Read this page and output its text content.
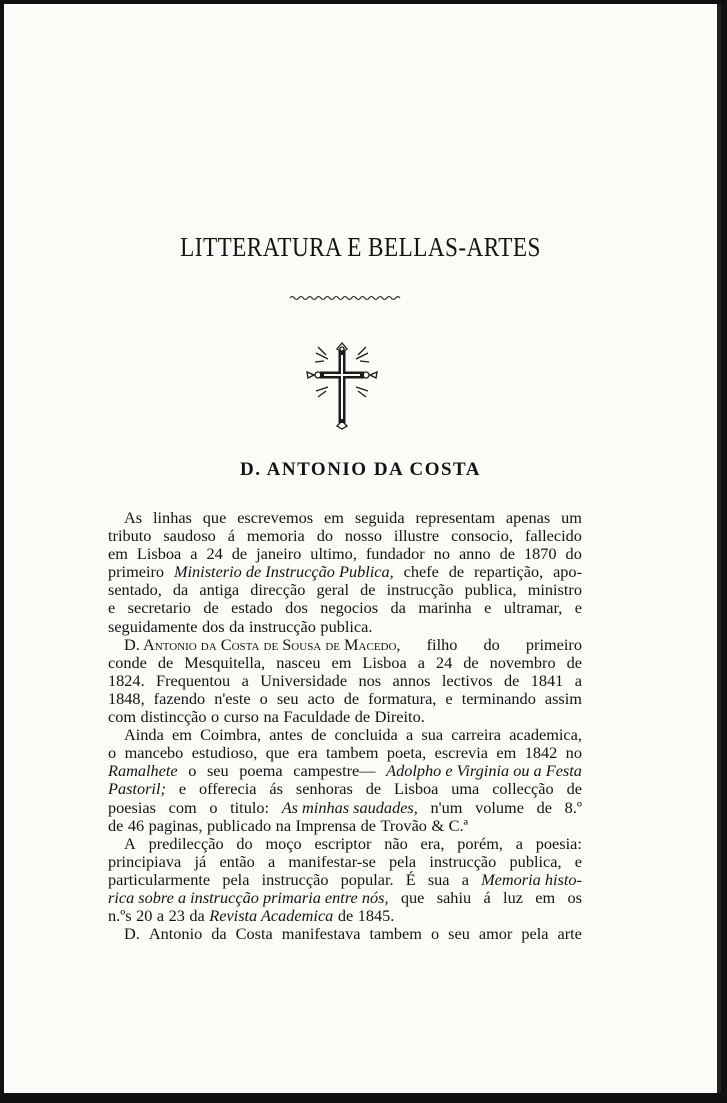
LITTERATURA E BELLAS-ARTES
D. ANTONIO DA COSTA
As linhas que escrevemos em seguida representam apenas um
tributo saudoso á memoria do nosso illustre consocio, fallecido
em Lisboa a 24 de janeiro ultimo, fundador no anno de 1870 do
primeiro Ministerio de Instrucção Publica, chefe de repartição, apo-
sentado, da antiga direcção geral de instrucção publica, ministro
e secretario de estado dos negocios da marinha e ultramar, e
seguidamente dos da instrucção publica.
D. Antonio da Costa de Sousa de Macedo, filho do primeiro
conde de Mesquitella, nasceu em Lisboa a 24 de novembro de
1824. Frequentou a Universidade nos annos lectivos de 1841 a
1848, fazendo n'este o seu acto de formatura, e terminando assim
com distincção o curso na Faculdade de Direito.
Ainda em Coimbra, antes de concluida a sua carreira academica,
o mancebo estudioso, que era tambem poeta, escrevia em 1842 no
Ramalhete o seu poema campestre— Adolpho e Virginia ou a Festa
Pastoril; e offerecia ás senhoras de Lisboa uma collecção de
poesias com o titulo: As minhas saudades, n'um volume de 8.º
de 46 paginas, publicado na Imprensa de Trovão & C.ª
A predilecção do moço escriptor não era, porém, a poesia:
principiava já então a manifestar-se pela instrucção publica, e
particularmente pela instrucção popular. É sua a Memoria histo-
rica sobre a instrucção primaria entre nós, que sahiu á luz em os
n.ºs 20 a 23 da Revista Academica de 1845.
D. Antonio da Costa manifestava tambem o seu amor pela arte
